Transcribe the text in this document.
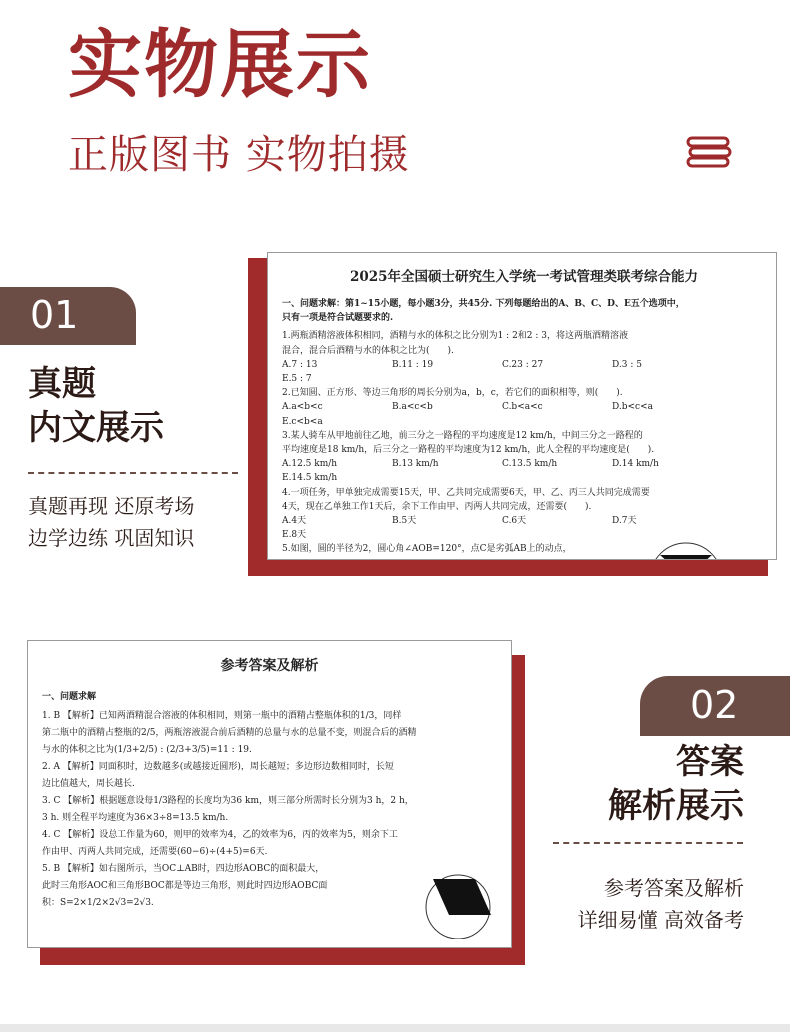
实物展示
正版图书 实物拍摄
01
真题
内文展示
真题再现 还原考场
边学边练 巩固知识
2025年全国硕士研究生入学统一考试管理类联考综合能力
一、问题求解：第1~15小题，每小题3分，共45分. 下列每题给出的A、B、C、D、E五个选项中，
只有一项是符合试题要求的.
1.两瓶酒精溶液体积相同，酒精与水的体积之比分别为1 : 2和2 : 3，将这两瓶酒精溶液
混合，混合后酒精与水的体积之比为(　　).
A.7 : 13	B.11 : 19	C.23 : 27	D.3 : 5
E.5 : 7
2.已知圆、正方形、等边三角形的周长分别为a，b，c，若它们的面积相等，则(　　).
A.a<b<c	B.a<c<b	C.b<a<c	D.b<c<a
E.c<b<a
3.某人骑车从甲地前往乙地，前三分之一路程的平均速度是12 km/h，中间三分之一路程的
平均速度是18 km/h，后三分之一路程的平均速度为12 km/h，此人全程的平均速度是(　　).
A.12.5 km/h	B.13 km/h	C.13.5 km/h	D.14 km/h
E.14.5 km/h
4.一项任务，甲单独完成需要15天，甲、乙共同完成需要6天，甲、乙、丙三人共同完成需要
4天，现在乙单独工作1天后，余下工作由甲、丙两人共同完成，还需要(　　).
A.4天	B.5天	C.6天	D.7天
E.8天
5.如图，圆的半径为2，圆心角∠AOB=120°，点C是劣弧AB上的动点，
参考答案及解析
一、问题求解
1. B 【解析】已知两酒精混合溶液的体积相同，则第一瓶中的酒精占整瓶体积的1/3，同样
第二瓶中的酒精占整瓶的2/5，两瓶溶液混合前后酒精的总量与水的总量不变，则混合后的酒精
与水的体积之比为(1/3+2/5) : (2/3+3/5)=11 : 19.
2. A 【解析】同面积时，边数越多(或越接近圆形)，周长越短；多边形边数相同时，长短
边比值越大，周长越长.
3. C 【解析】根据题意设每1/3路程的长度均为36 km，则三部分所需时长分别为3 h，2 h，
3 h. 则全程平均速度为36×3÷8=13.5 km/h.
4. C 【解析】设总工作量为60，则甲的效率为4，乙的效率为6，丙的效率为5，则余下工
作由甲、丙两人共同完成，还需要(60−6)÷(4+5)=6天.
5. B 【解析】如右图所示，当OC⊥AB时，四边形AOBC的面积最大，
此时三角形AOC和三角形BOC都是等边三角形，则此时四边形AOBC面
积：S=2×1/2×2√3=2√3.
02
答案
解析展示
参考答案及解析
详细易懂 高效备考
